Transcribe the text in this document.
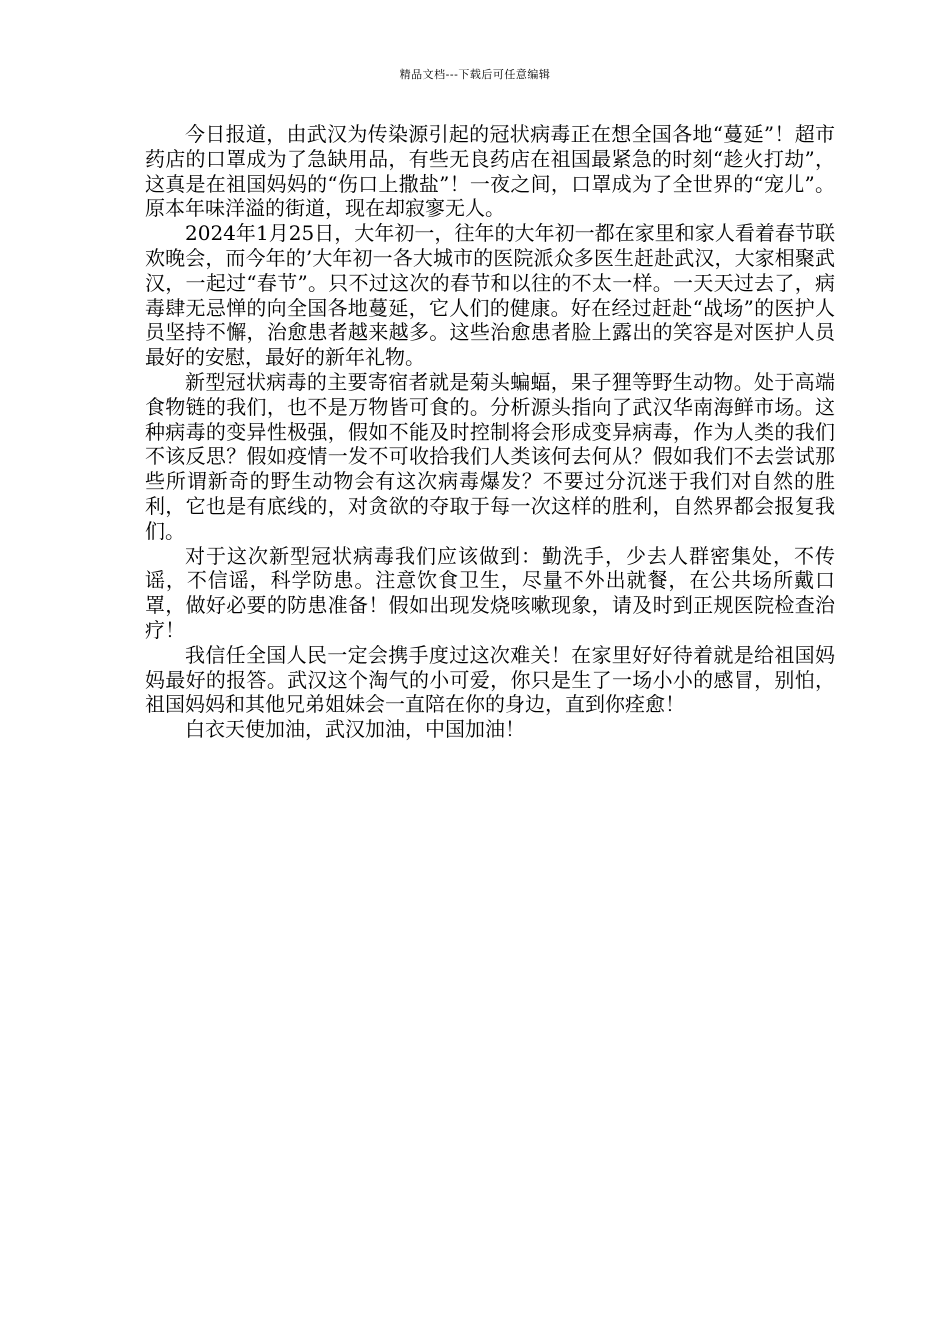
精品文档---下载后可任意编辑

今日报道，由武汉为传染源引起的冠状病毒正在想全国各地“蔓延”！超市药店的口罩成为了急缺用品，有些无良药店在祖国最紧急的时刻“趁火打劫”，这真是在祖国妈妈的“伤口上撒盐”！一夜之间，口罩成为了全世界的“宠儿”。原本年味洋溢的街道，现在却寂寥无人。

2024年1月25日，大年初一，往年的大年初一都在家里和家人看着春节联欢晚会，而今年的’大年初一各大城市的医院派众多医生赶赴武汉，大家相聚武汉，一起过“春节”。只不过这次的春节和以往的不太一样。一天天过去了，病毒肆无忌惮的向全国各地蔓延，它人们的健康。好在经过赶赴“战场”的医护人员坚持不懈，治愈患者越来越多。这些治愈患者脸上露出的笑容是对医护人员最好的安慰，最好的新年礼物。

新型冠状病毒的主要寄宿者就是菊头蝙蝠，果子狸等野生动物。处于高端食物链的我们，也不是万物皆可食的。分析源头指向了武汉华南海鲜市场。这种病毒的变异性极强，假如不能及时控制将会形成变异病毒，作为人类的我们不该反思？假如疫情一发不可收拾我们人类该何去何从？假如我们不去尝试那些所谓新奇的野生动物会有这次病毒爆发？不要过分沉迷于我们对自然的胜利，它也是有底线的，对贪欲的夺取于每一次这样的胜利，自然界都会报复我们。

对于这次新型冠状病毒我们应该做到：勤洗手，少去人群密集处，不传谣，不信谣，科学防患。注意饮食卫生，尽量不外出就餐，在公共场所戴口罩，做好必要的防患准备！假如出现发烧咳嗽现象，请及时到正规医院检查治疗！

我信任全国人民一定会携手度过这次难关！在家里好好待着就是给祖国妈妈最好的报答。武汉这个淘气的小可爱，你只是生了一场小小的感冒，别怕，祖国妈妈和其他兄弟姐妹会一直陪在你的身边，直到你痊愈！

白衣天使加油，武汉加油，中国加油！
